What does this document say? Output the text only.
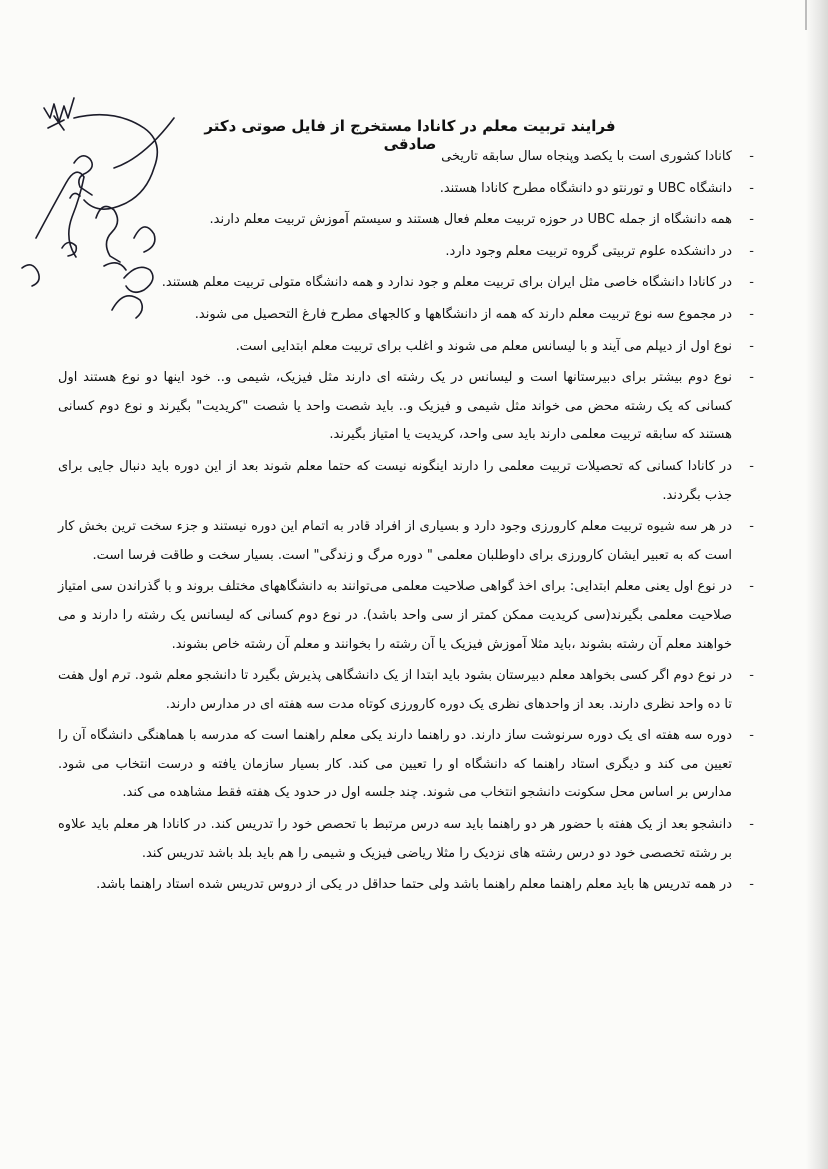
فرایند تربیت معلم در کانادا مستخرج از فایل صوتی دکتر صادقی
-
کانادا کشوری است با یکصد وپنجاه سال سابقه تاریخی
-
دانشگاه UBC و تورنتو دو دانشگاه مطرح کانادا هستند.
-
همه دانشگاه از جمله UBC در حوزه تربیت معلم فعال هستند و سیستم آموزش تربیت معلم دارند.
-
در دانشکده علوم تربیتی گروه تربیت معلم وجود دارد.
-
در کانادا دانشگاه خاصی مثل ایران برای تربیت معلم و جود ندارد و همه دانشگاه متولی تربیت معلم هستند.
-
در مجموع سه نوع تربیت معلم دارند که همه از دانشگاهها و کالجهای مطرح فارغ التحصیل می شوند.
-
نوع اول از دیپلم می آیند و با لیسانس معلم می شوند و اغلب برای تربیت معلم ابتدایی است.
-
نوع دوم بیشتر برای دبیرستانها است و لیسانس در یک رشته ای دارند مثل فیزیک، شیمی و.. خود اینها دو نوع هستند اول کسانی که یک رشته محض می خواند مثل شیمی و فیزیک و.. باید شصت واحد یا شصت "کریدیت" بگیرند و نوع دوم کسانی هستند که سابقه تربیت معلمی دارند باید سی واحد، کریدیت یا امتیاز بگیرند.
-
در کانادا کسانی که تحصیلات تربیت معلمی را دارند اینگونه نیست که حتما معلم شوند بعد از این دوره باید دنبال جایی برای جذب بگردند.
-
در هر سه شیوه تربیت معلم کارورزی وجود دارد و بسیاری از افراد قادر به اتمام این دوره نیستند و جزء سخت ترین بخش کار است که به تعبیر ایشان کارورزی برای داوطلبان معلمی " دوره مرگ و زندگی" است. بسیار سخت و طاقت فرسا است.
-
در نوع اول یعنی معلم ابتدایی: برای اخذ گواهی صلاحیت معلمی می‌توانند به دانشگاههای مختلف بروند و با گذراندن سی امتیاز صلاحیت معلمی بگیرند(سی کریدیت ممکن کمتر از سی واحد باشد). در نوع دوم کسانی که لیسانس یک رشته را دارند و می خواهند معلم آن رشته بشوند ،باید مثلا آموزش فیزیک یا آن رشته را بخوانند و معلم آن رشته خاص بشوند.
-
در نوع دوم اگر کسی بخواهد معلم دبیرستان بشود باید ابتدا از یک دانشگاهی پذیرش بگیرد تا دانشجو معلم شود. ترم اول هفت تا ده واحد نظری دارند. بعد از واحدهای نظری یک دوره کارورزی کوتاه مدت سه هفته ای در مدارس دارند.
-
دوره سه هفته ای یک دوره سرنوشت ساز دارند. دو راهنما دارند یکی معلم راهنما است که مدرسه با هماهنگی دانشگاه آن را تعیین می کند و دیگری استاد راهنما که دانشگاه او را تعیین می کند. کار بسیار سازمان یافته و درست انتخاب می شود. مدارس بر اساس محل سکونت دانشجو انتخاب می شوند. چند جلسه اول در حدود یک هفته فقط مشاهده می کند.
-
دانشجو بعد از یک هفته با حضور هر دو راهنما باید سه درس مرتبط با تحصص خود را تدریس کند. در کانادا هر معلم باید علاوه بر رشته تخصصی خود دو درس رشته های نزدیک را مثلا ریاضی فیزیک و شیمی را هم باید بلد باشد تدریس کند.
-
در همه تدریس ها باید معلم راهنما معلم راهنما باشد ولی حتما حداقل در یکی از دروس تدریس شده استاد راهنما باشد.
